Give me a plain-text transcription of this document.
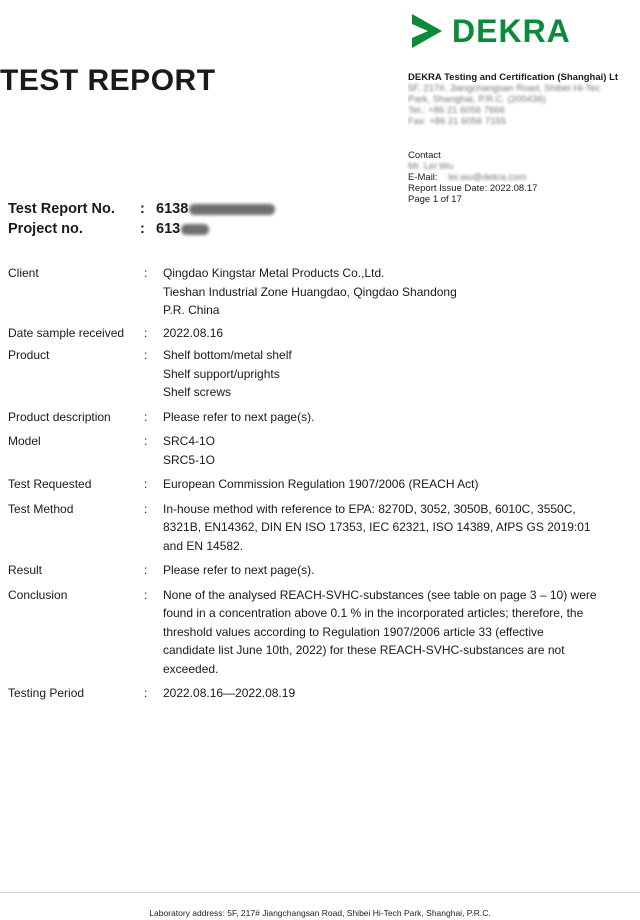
DEKRA
TEST REPORT	DEKRA Testing and Certification (Shanghai) Lt
5F, 217#, Jiangchangsan Road, Shibei Hi-Tec
Park, Shanghai, P.R.C. (200436)
Tel.: +86 21 6056 7666
Fax: +86 21 6056 7155
Contact
Mr. Lei Wu
E-Mail: lei.wu@dekra.com
Report Issue Date: 2022.08.17
Page 1 of 17
Test Report No.	: 6138
Project no.	: 613
Client	:	Qingdao Kingstar Metal Products Co.,Ltd.

Tieshan Industrial Zone Huangdao, Qingdao Shandong

P.R. China

Date sample received	:	2022.08.16

Product	:	Shelf bottom/metal shelf

Shelf support/uprights

Shelf screws

Product description	:	Please refer to next page(s).

Model	:	SRC4-1O

SRC5-1O

Test Requested	:	European Commission Regulation 1907/2006 (REACH Act)

Test Method	:	In-house method with reference to EPA: 8270D, 3052, 3050B, 6010C, 3550C,

8321B, EN14362, DIN EN ISO 17353, IEC 62321, ISO 14389, AfPS GS 2019:01

and EN 14582.

Result	:	Please refer to next page(s).

Conclusion	:	None of the analysed REACH-SVHC-substances (see table on page 3 – 10) were

found in a concentration above 0.1 % in the incorporated articles; therefore, the

threshold values according to Regulation 1907/2006 article 33 (effective

candidate list June 10th, 2022) for these REACH-SVHC-substances are not

exceeded.

Testing Period	:	2022.08.16—2022.08.19

Laboratory address: 5F, 217# Jiangchangsan Road, Shibei Hi-Tech Park, Shanghai, P.R.C.
